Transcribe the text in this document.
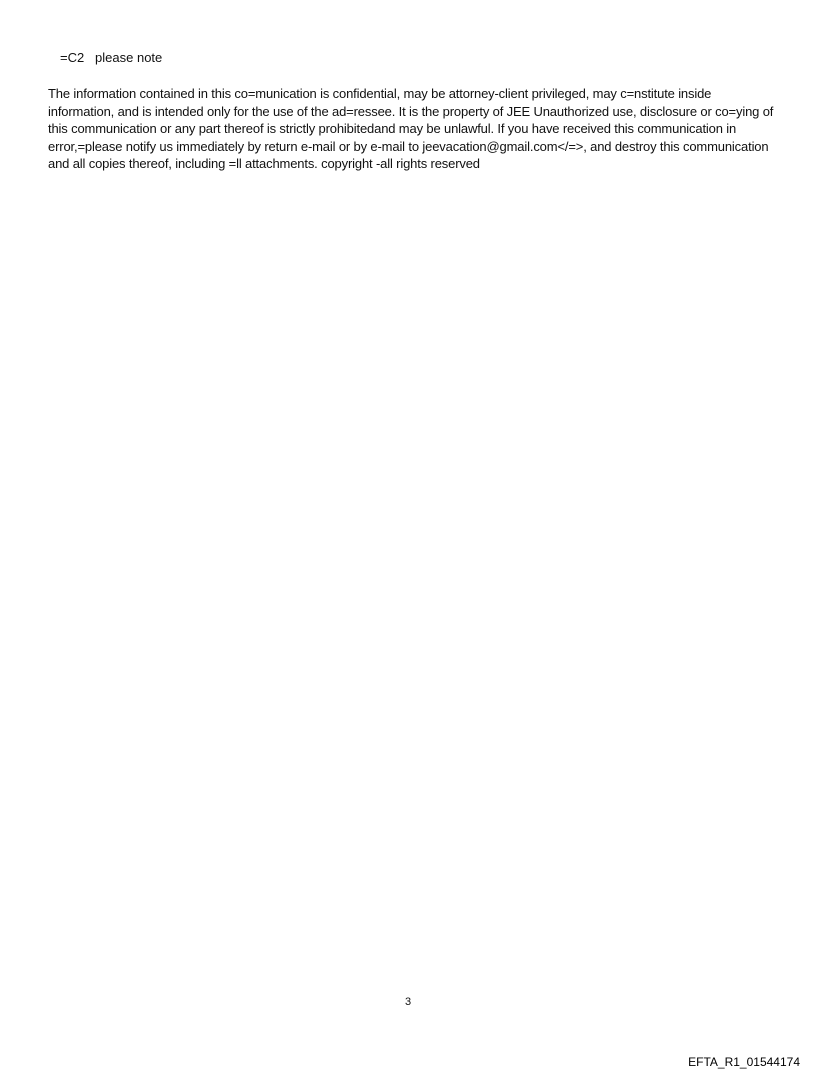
=C2   please note
The information contained in this co=munication is confidential, may be attorney-client privileged, may c=nstitute inside information, and is intended only for the use of the ad=ressee. It is the property of JEE Unauthorized use, disclosure or co=ying of this communication or any part thereof is strictly prohibitedand may be unlawful. If you have received this communication in error,=please notify us immediately by return e-mail or by e-mail to jeevacation@gmail.com</=>, and destroy this communication and all copies thereof, including =ll attachments. copyright -all rights reserved
3
EFTA_R1_01544174
